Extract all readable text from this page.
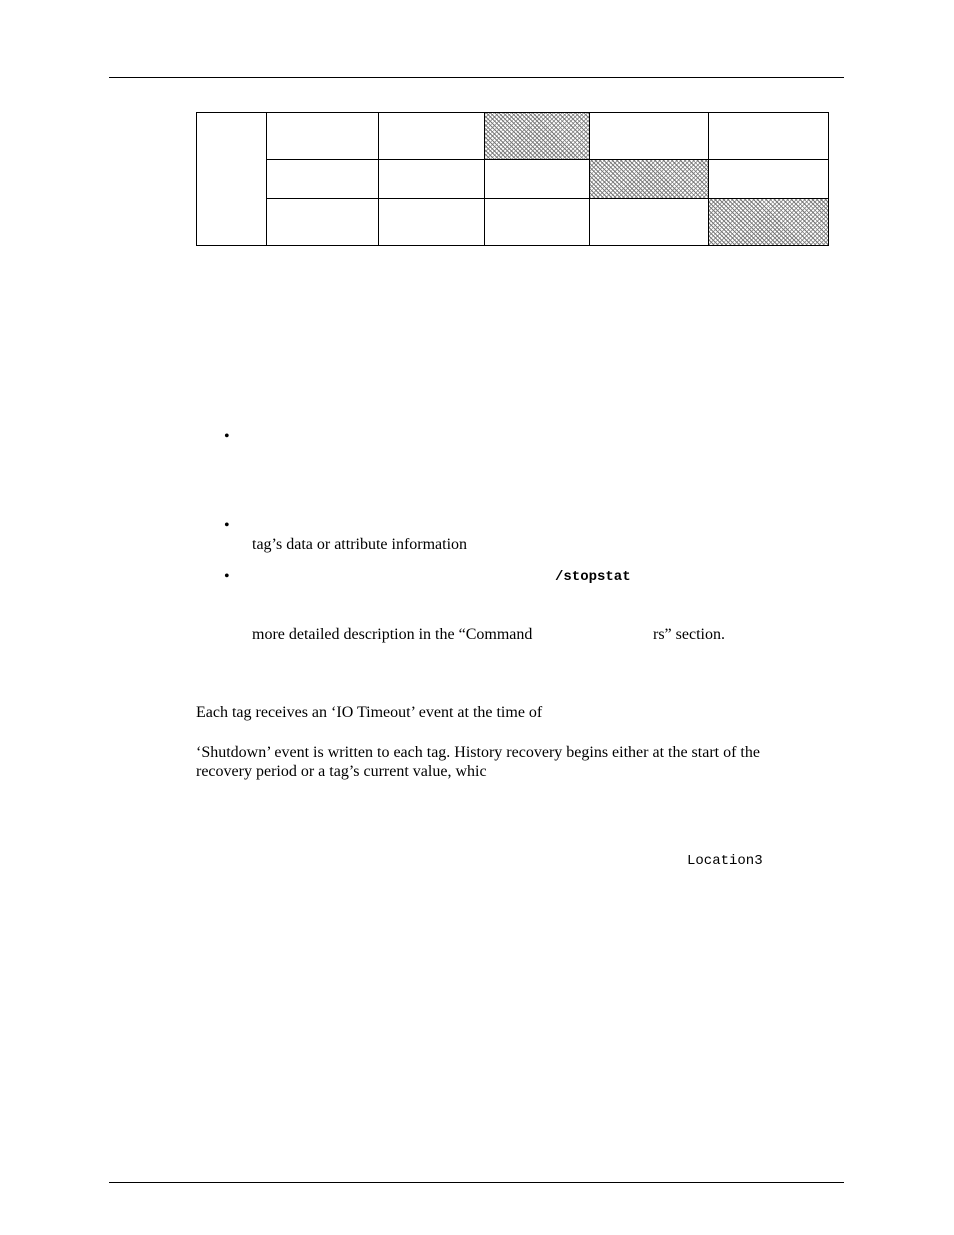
•
•
tag’s data or attribute information
•	/stopstat
more detailed description in the “Command	rs” section.
Each tag receives an ‘IO Timeout’ event at the time of
‘Shutdown’ event is written to each tag. History recovery begins either at the start of the
recovery period or a tag’s current value, whic
Location3
